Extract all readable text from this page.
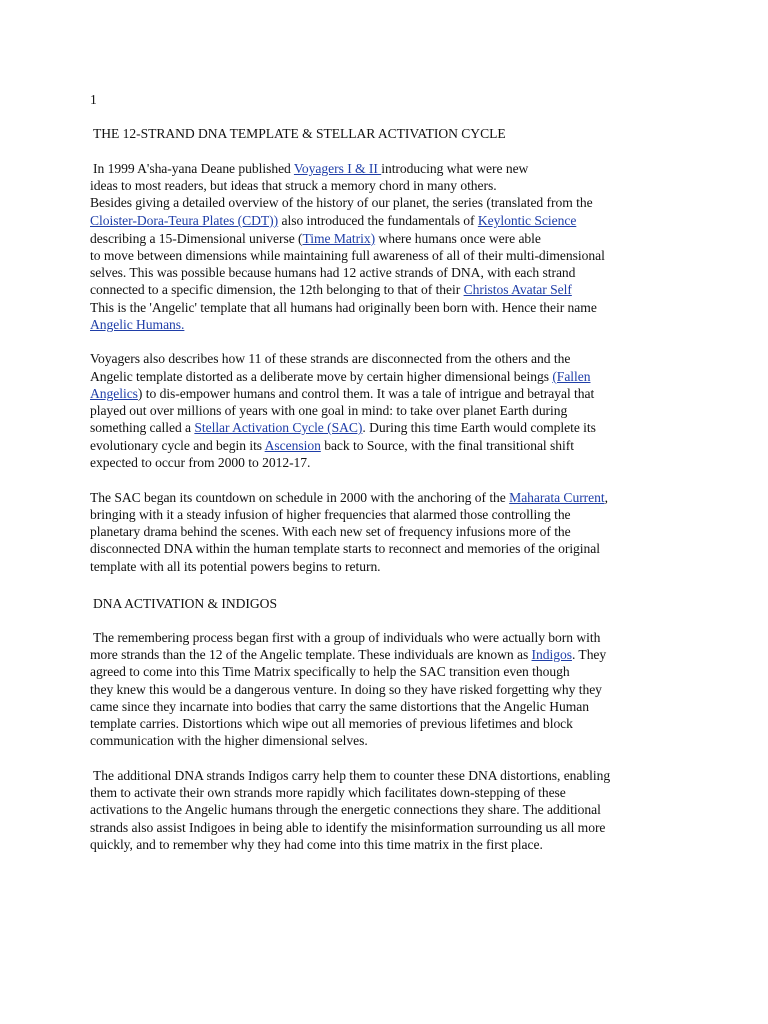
1
THE 12-STRAND DNA TEMPLATE & STELLAR ACTIVATION CYCLE
In 1999 A'sha-yana Deane published Voyagers I & II introducing what were new
ideas to most readers, but ideas that struck a memory chord in many others.
Besides giving a detailed overview of the history of our planet, the series (translated from the
Cloister-Dora-Teura Plates (CDT)) also introduced the fundamentals of Keylontic Science
describing a 15-Dimensional universe (Time Matrix) where humans once were able
to move between dimensions while maintaining full awareness of all of their multi-dimensional
selves. This was possible because humans had 12 active strands of DNA, with each strand
connected to a specific dimension, the 12th belonging to that of their Christos Avatar Self
This is the 'Angelic' template that all humans had originally been born with. Hence their name
Angelic Humans.
Voyagers also describes how 11 of these strands are disconnected from the others and the
Angelic template distorted as a deliberate move by certain higher dimensional beings (Fallen
Angelics) to dis-empower humans and control them. It was a tale of intrigue and betrayal that
played out over millions of years with one goal in mind: to take over planet Earth during
something called a Stellar Activation Cycle (SAC). During this time Earth would complete its
evolutionary cycle and begin its Ascension back to Source, with the final transitional shift
expected to occur from 2000 to 2012-17.
The SAC began its countdown on schedule in 2000 with the anchoring of the Maharata Current,
bringing with it a steady infusion of higher frequencies that alarmed those controlling the
planetary drama behind the scenes. With each new set of frequency infusions more of the
disconnected DNA within the human template starts to reconnect and memories of the original
template with all its potential powers begins to return.
DNA ACTIVATION & INDIGOS
The remembering process began first with a group of individuals who were actually born with
more strands than the 12 of the Angelic template. These individuals are known as Indigos. They
agreed to come into this Time Matrix specifically to help the SAC transition even though
they knew this would be a dangerous venture. In doing so they have risked forgetting why they
came since they incarnate into bodies that carry the same distortions that the Angelic Human
template carries. Distortions which wipe out all memories of previous lifetimes and block
communication with the higher dimensional selves.
The additional DNA strands Indigos carry help them to counter these DNA distortions, enabling
them to activate their own strands more rapidly which facilitates down-stepping of these
activations to the Angelic humans through the energetic connections they share. The additional
strands also assist Indigoes in being able to identify the misinformation surrounding us all more
quickly, and to remember why they had come into this time matrix in the first place.
